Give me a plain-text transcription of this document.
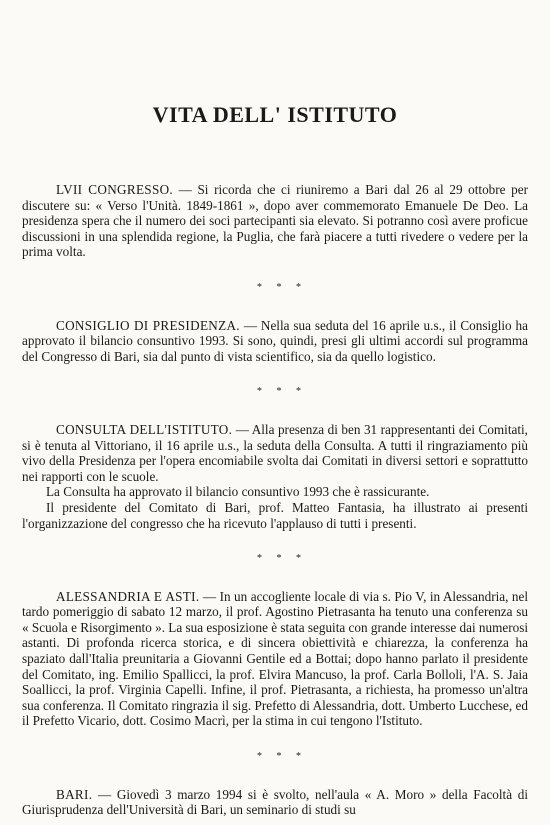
VITA DELL' ISTITUTO

LVII CONGRESSO. — Si ricorda che ci riuniremo a Bari dal 26 al 29 ottobre per discutere su: « Verso l'Unità. 1849-1861 », dopo aver commemorato Emanuele De Deo. La presidenza spera che il numero dei soci partecipanti sia elevato. Si potranno così avere proficue discussioni in una splendida regione, la Puglia, che farà piacere a tutti rivedere o vedere per la prima volta.

* * *

CONSIGLIO DI PRESIDENZA. — Nella sua seduta del 16 aprile u.s., il Consiglio ha approvato il bilancio consuntivo 1993. Si sono, quindi, presi gli ultimi accordi sul programma del Congresso di Bari, sia dal punto di vista scientifico, sia da quello logistico.

* * *

CONSULTA DELL'ISTITUTO. — Alla presenza di ben 31 rappresentanti dei Comitati, si è tenuta al Vittoriano, il 16 aprile u.s., la seduta della Consulta. A tutti il ringraziamento più vivo della Presidenza per l'opera encomiabile svolta dai Comitati in diversi settori e soprattutto nei rapporti con le scuole.

La Consulta ha approvato il bilancio consuntivo 1993 che è rassicurante.

Il presidente del Comitato di Bari, prof. Matteo Fantasia, ha illustrato ai presenti l'organizzazione del congresso che ha ricevuto l'applauso di tutti i presenti.

* * *

ALESSANDRIA E ASTI. — In un accogliente locale di via s. Pio V, in Alessandria, nel tardo pomeriggio di sabato 12 marzo, il prof. Agostino Pietrasanta ha tenuto una conferenza su « Scuola e Risorgimento ». La sua esposizione è stata seguita con grande interesse dai numerosi astanti. Di profonda ricerca storica, e di sincera obiettività e chiarezza, la conferenza ha spaziato dall'Italia preunitaria a Giovanni Gentile ed a Bottai; dopo hanno parlato il presidente del Comitato, ing. Emilio Spallicci, la prof. Elvira Mancuso, la prof. Carla Bolloli, l'A. S. Jaia Soallicci, la prof. Virginia Capelli. Infine, il prof. Pietrasanta, a richiesta, ha promesso un'altra sua conferenza. Il Comitato ringrazia il sig. Prefetto di Alessandria, dott. Umberto Lucchese, ed il Prefetto Vicario, dott. Cosimo Macrì, per la stima in cui tengono l'Istituto.

* * *

BARI. — Giovedì 3 marzo 1994 si è svolto, nell'aula « A. Moro » della Facoltà di Giurisprudenza dell'Università di Bari, un seminario di studi su
